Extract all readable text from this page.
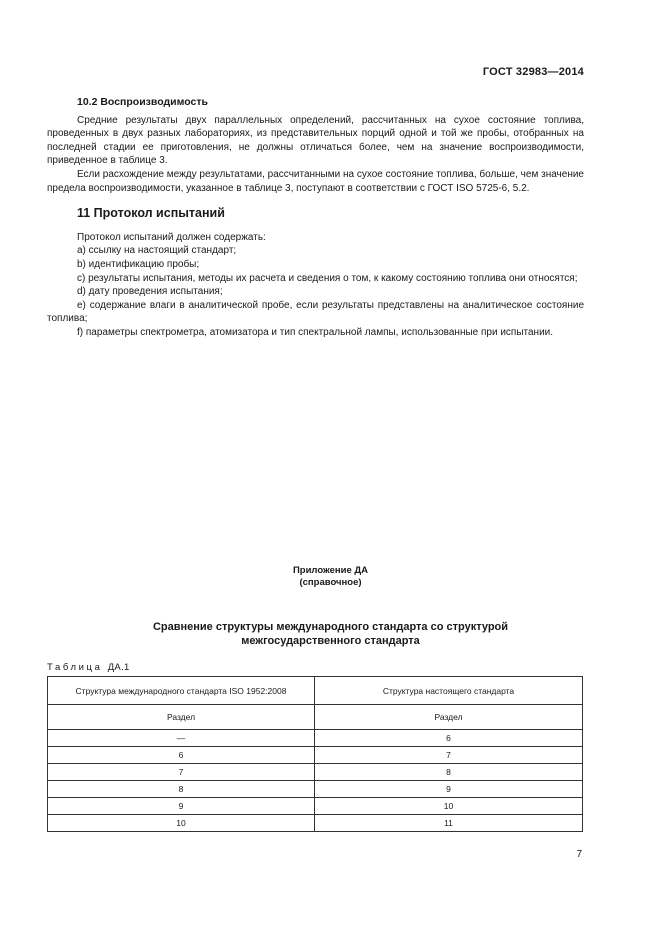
ГОСТ 32983—2014
10.2 Воспроизводимость

Средние результаты двух параллельных определений, рассчитанных на сухое состояние топлива, проведенных в двух разных лабораториях, из представительных порций одной и той же пробы, отобранных на последней стадии ее приготовления, не должны отличаться более, чем на значение воспроизводимости, приведенное в таблице 3.

Если расхождение между результатами, рассчитанными на сухое состояние топлива, больше, чем значение предела воспроизводимости, указанное в таблице 3, поступают в соответствии с ГОСТ ISO 5725-6, 5.2.

11 Протокол испытаний

Протокол испытаний должен содержать:

a) ссылку на настоящий стандарт;

b) идентификацию пробы;

c) результаты испытания, методы их расчета и сведения о том, к какому состоянию топлива они относятся;

d) дату проведения испытания;

e) содержание влаги в аналитической пробе, если результаты представлены на аналитическое состояние топлива;

f) параметры спектрометра, атомизатора и тип спектральной лампы, использованные при испытании.

Приложение ДА
(справочное)
Сравнение структуры международного стандарта со структурой
межгосударственного стандарта
Таблица ДА.1
Структура международного стандарта ISO 1952:2008	Структура настоящего стандарта
Раздел	Раздел
—	6
6	7
7	8
8	9
9	10
10	11
7
